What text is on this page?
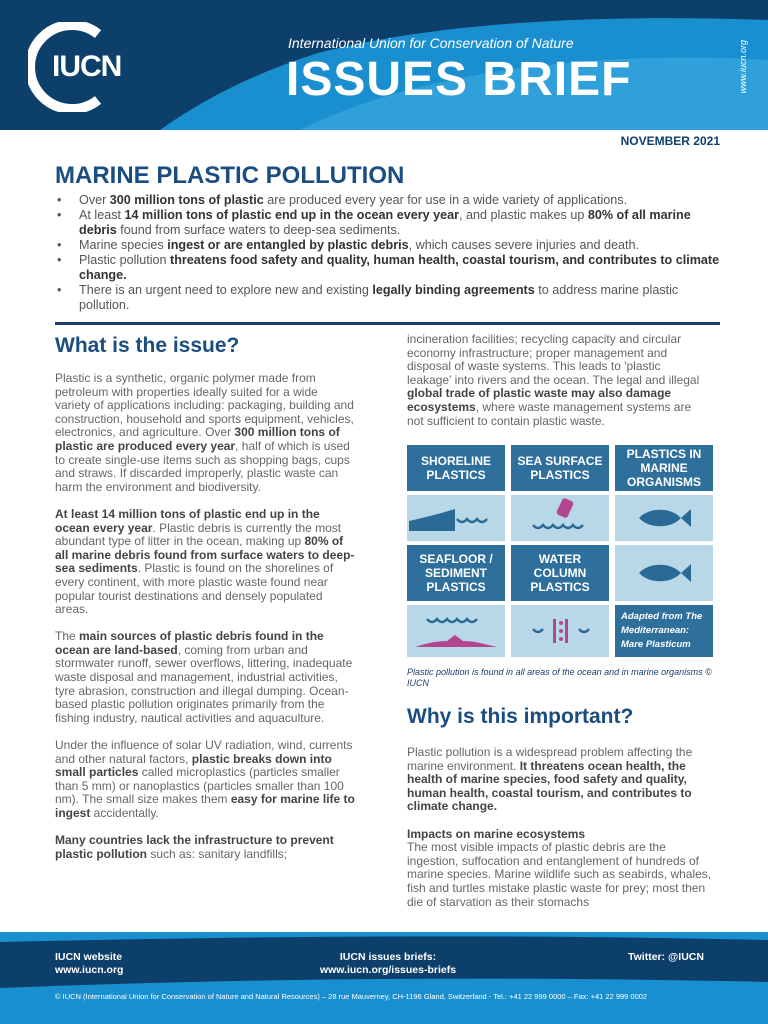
IUCN
International Union for Conservation of Nature
ISSUES BRIEF	www.iucn.org
NOVEMBER 2021
MARINE PLASTIC POLLUTION
• Over 300 million tons of plastic are produced every year for use in a wide variety of applications.
• At least 14 million tons of plastic end up in the ocean every year, and plastic makes up 80% of all marine debris found from surface waters to deep-sea sediments.
• Marine species ingest or are entangled by plastic debris, which causes severe injuries and death.
• Plastic pollution threatens food safety and quality, human health, coastal tourism, and contributes to climate change.
• There is an urgent need to explore new and existing legally binding agreements to address marine plastic pollution.
What is the issue?

Plastic is a synthetic, organic polymer made from petroleum with properties ideally suited for a wide variety of applications including: packaging, building and construction, household and sports equipment, vehicles, electronics, and agriculture. Over 300 million tons of plastic are produced every year, half of which is used to create single-use items such as shopping bags, cups and straws. If discarded improperly, plastic waste can harm the environment and biodiversity.

At least 14 million tons of plastic end up in the ocean every year. Plastic debris is currently the most abundant type of litter in the ocean, making up 80% of all marine debris found from surface waters to deep-sea sediments. Plastic is found on the shorelines of every continent, with more plastic waste found near popular tourist destinations and densely populated areas.

The main sources of plastic debris found in the ocean are land-based, coming from urban and stormwater runoff, sewer overflows, littering, inadequate waste disposal and management, industrial activities, tyre abrasion, construction and illegal dumping. Ocean-based plastic pollution originates primarily from the fishing industry, nautical activities and aquaculture.

Under the influence of solar UV radiation, wind, currents and other natural factors, plastic breaks down into small particles called microplastics (particles smaller than 5 mm) or nanoplastics (particles smaller than 100 nm). The small size makes them easy for marine life to ingest accidentally.

Many countries lack the infrastructure to prevent plastic pollution such as: sanitary landfills;

incineration facilities; recycling capacity and circular economy infrastructure; proper management and disposal of waste systems. This leads to 'plastic leakage' into rivers and the ocean. The legal and illegal global trade of plastic waste may also damage ecosystems, where waste management systems are not sufficient to contain plastic waste.
SHORELINE PLASTICS
SEA SURFACE PLASTICS
PLASTICS IN MARINE ORGANISMS
SEAFLOOR / SEDIMENT PLASTICS
WATER COLUMN PLASTICS
Adapted from The Mediterranean: Mare Plasticum
Plastic pollution is found in all areas of the ocean and in marine organisms © IUCN
Why is this important?

Plastic pollution is a widespread problem affecting the marine environment. It threatens ocean health, the health of marine species, food safety and quality, human health, coastal tourism, and contributes to climate change.

Impacts on marine ecosystems

The most visible impacts of plastic debris are the ingestion, suffocation and entanglement of hundreds of marine species. Marine wildlife such as seabirds, whales, fish and turtles mistake plastic waste for prey; most then die of starvation as their stomachs

IUCN website
www.iucn.org
IUCN issues briefs:
www.iucn.org/issues-briefs
Twitter: @IUCN
© IUCN (International Union for Conservation of Nature and Natural Resources) – 28 rue Mauverney, CH-1196 Gland, Switzerland - Tel.: +41 22 999 0000 – Fax: +41 22 999 0002
